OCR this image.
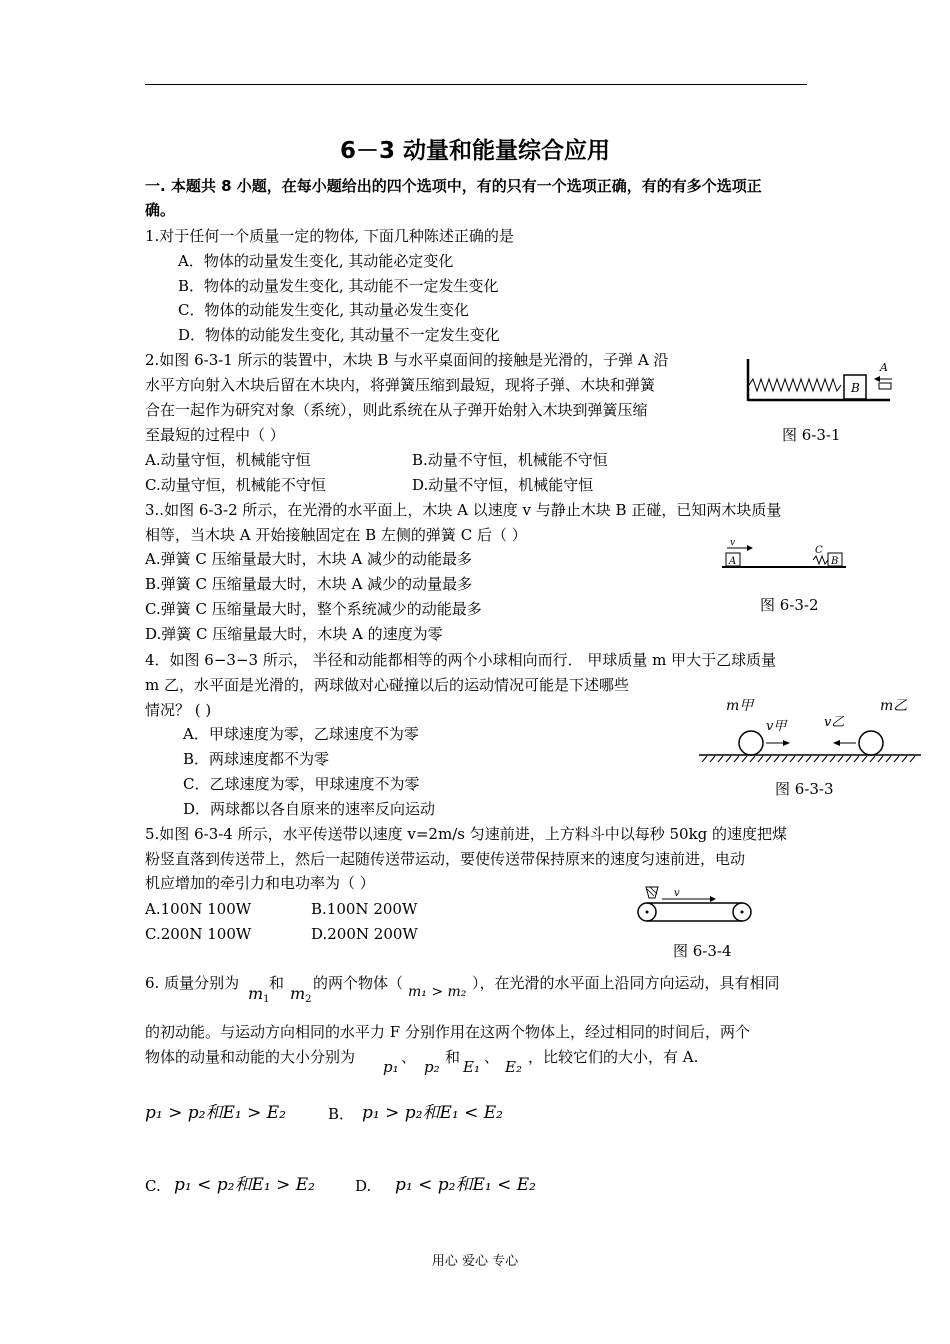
6－3 动量和能量综合应用
一. 本题共 8 小题，在每小题给出的四个选项中，有的只有一个选项正确，有的有多个选项正
确。
1.对于任何一个质量一定的物体, 下面几种陈述正确的是
A．物体的动量发生变化, 其动能必定变化
B．物体的动量发生变化, 其动能不一定发生变化
C．物体的动能发生变化, 其动量必发生变化
D．物体的动能发生变化, 其动量不一定发生变化
2.如图 6-3-1 所示的装置中，木块 B 与水平桌面间的接触是光滑的，子弹 A 沿
水平方向射入木块后留在木块内，将弹簧压缩到最短，现将子弹、木块和弹簧
合在一起作为研究对象（系统），则此系统在从子弹开始射入木块到弹簧压缩
至最短的过程中（ ）
A.动量守恒，机械能守恒	B.动量不守恒，机械能不守恒
C.动量守恒，机械能不守恒	D.动量不守恒，机械能守恒
B
A
图 6-3-1
3..如图 6-3-2 所示，在光滑的水平面上，木块 A 以速度 v 与静止木块 B 正碰，已知两木块质量
相等，当木块 A 开始接触固定在 B 左侧的弹簧 C 后（ ）
A.弹簧 C 压缩量最大时，木块 A 减少的动能最多
B.弹簧 C 压缩量最大时，木块 A 减少的动量最多
C.弹簧 C 压缩量最大时，整个系统减少的动能最多
D.弹簧 C 压缩量最大时，木块 A 的速度为零
A
v
C
B
图 6-3-2
4．如图 6−3−3 所示， 半径和动能都相等的两个小球相向而行． 甲球质量 m 甲大于乙球质量
m 乙，水平面是光滑的，两球做对心碰撞以后的运动情况可能是下述哪些
情况？ ( )
A．甲球速度为零，乙球速度不为零
B．两球速度都不为零
C．乙球速度为零，甲球速度不为零
D．两球都以各自原来的速率反向运动
m甲
v甲	v乙
m乙
图 6-3-3
5.如图 6-3-4 所示，水平传送带以速度 v=2m/s 匀速前进，上方料斗中以每秒 50kg 的速度把煤
粉竖直落到传送带上，然后一起随传送带运动，要使传送带保持原来的速度匀速前进，电动
机应增加的牵引力和电功率为（ ）
A.100N 100W	B.100N 200W
C.200N 100W	D.200N 200W
v
图 6-3-4
6. 质量分别为
$m_1$
和
$m_2$
的两个物体（ m₁ > m₂ ），在光滑的水平面上沿同方向运动，具有相同
的初动能。与运动方向相同的水平力 F 分别作用在这两个物体上，经过相同的时间后，两个
物体的动量和动能的大小分别为
p₁
、
p₂
和
E₁
、
E₂
，比较它们的大小，有 A.
p₁ > p₂和E₁ > E₂	B． p₁ > p₂和E₁ < E₂
C. p₁ < p₂和E₁ > E₂	D. p₁ < p₂和E₁ < E₂
用心 爱心 专心
